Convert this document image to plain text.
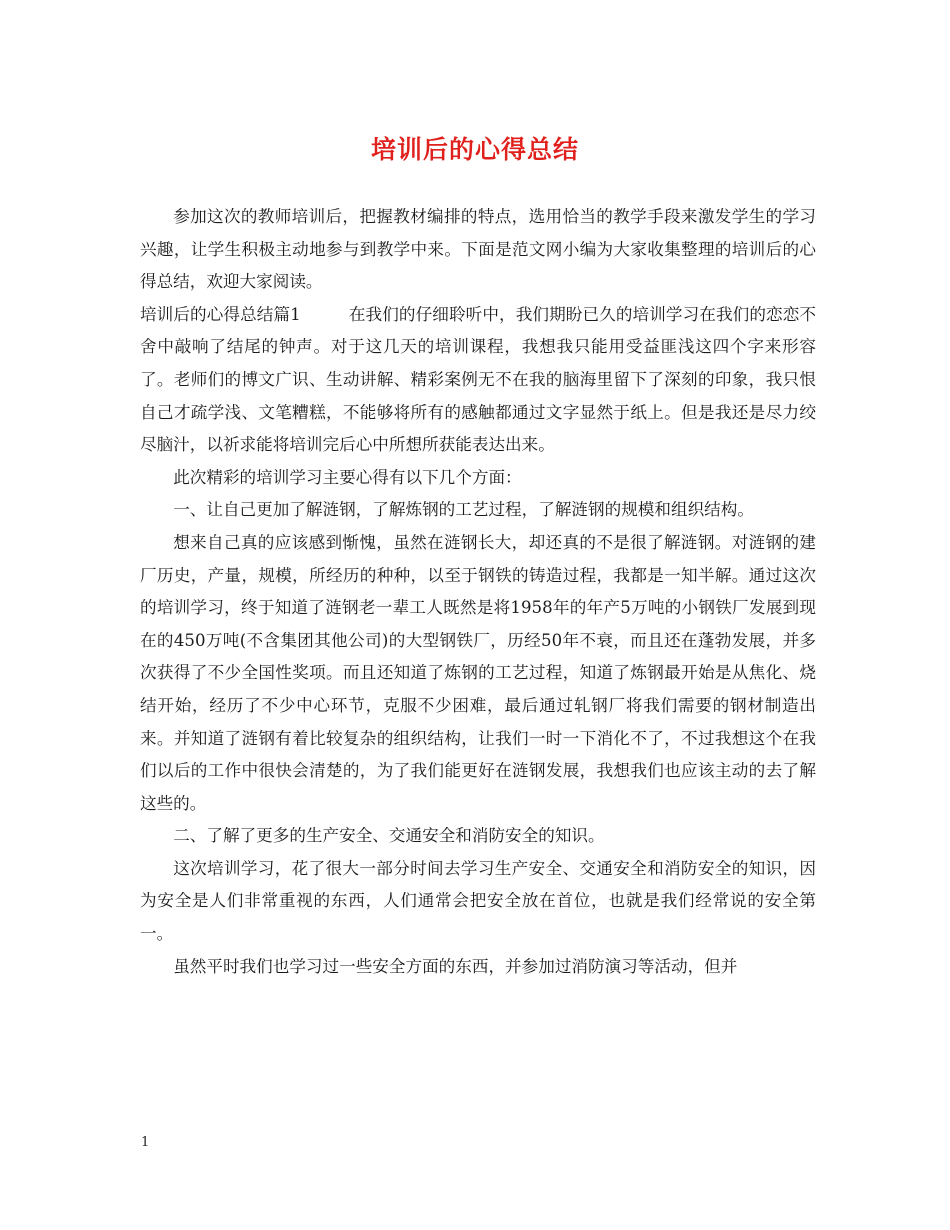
培训后的心得总结

参加这次的教师培训后，把握教材编排的特点，选用恰当的教学手段来激发学生的学习兴趣，让学生积极主动地参与到教学中来。下面是范文网小编为大家收集整理的培训后的心得总结，欢迎大家阅读。

培训后的心得总结篇1	在我们的仔细聆听中，我们期盼已久的培训学习在我们的恋恋不舍中敲响了结尾的钟声。对于这几天的培训课程，我想我只能用受益匪浅这四个字来形容了。老师们的博文广识、生动讲解、精彩案例无不在我的脑海里留下了深刻的印象，我只恨自己才疏学浅、文笔糟糕，不能够将所有的感触都通过文字显然于纸上。但是我还是尽力绞尽脑汁，以祈求能将培训完后心中所想所获能表达出来。

此次精彩的培训学习主要心得有以下几个方面：

一、让自己更加了解涟钢，了解炼钢的工艺过程，了解涟钢的规模和组织结构。

想来自己真的应该感到惭愧，虽然在涟钢长大，却还真的不是很了解涟钢。对涟钢的建厂历史，产量，规模，所经历的种种，以至于钢铁的铸造过程，我都是一知半解。通过这次的培训学习，终于知道了涟钢老一辈工人既然是将1958年的年产5万吨的小钢铁厂发展到现在的450万吨(不含集团其他公司)的大型钢铁厂，历经50年不衰，而且还在蓬勃发展，并多次获得了不少全国性奖项。而且还知道了炼钢的工艺过程，知道了炼钢最开始是从焦化、烧结开始，经历了不少中心环节，克服不少困难，最后通过轧钢厂将我们需要的钢材制造出来。并知道了涟钢有着比较复杂的组织结构，让我们一时一下消化不了，不过我想这个在我们以后的工作中很快会清楚的，为了我们能更好在涟钢发展，我想我们也应该主动的去了解这些的。

二、了解了更多的生产安全、交通安全和消防安全的知识。

这次培训学习，花了很大一部分时间去学习生产安全、交通安全和消防安全的知识，因为安全是人们非常重视的东西，人们通常会把安全放在首位，也就是我们经常说的安全第一。

虽然平时我们也学习过一些安全方面的东西，并参加过消防演习等活动，但并

1
